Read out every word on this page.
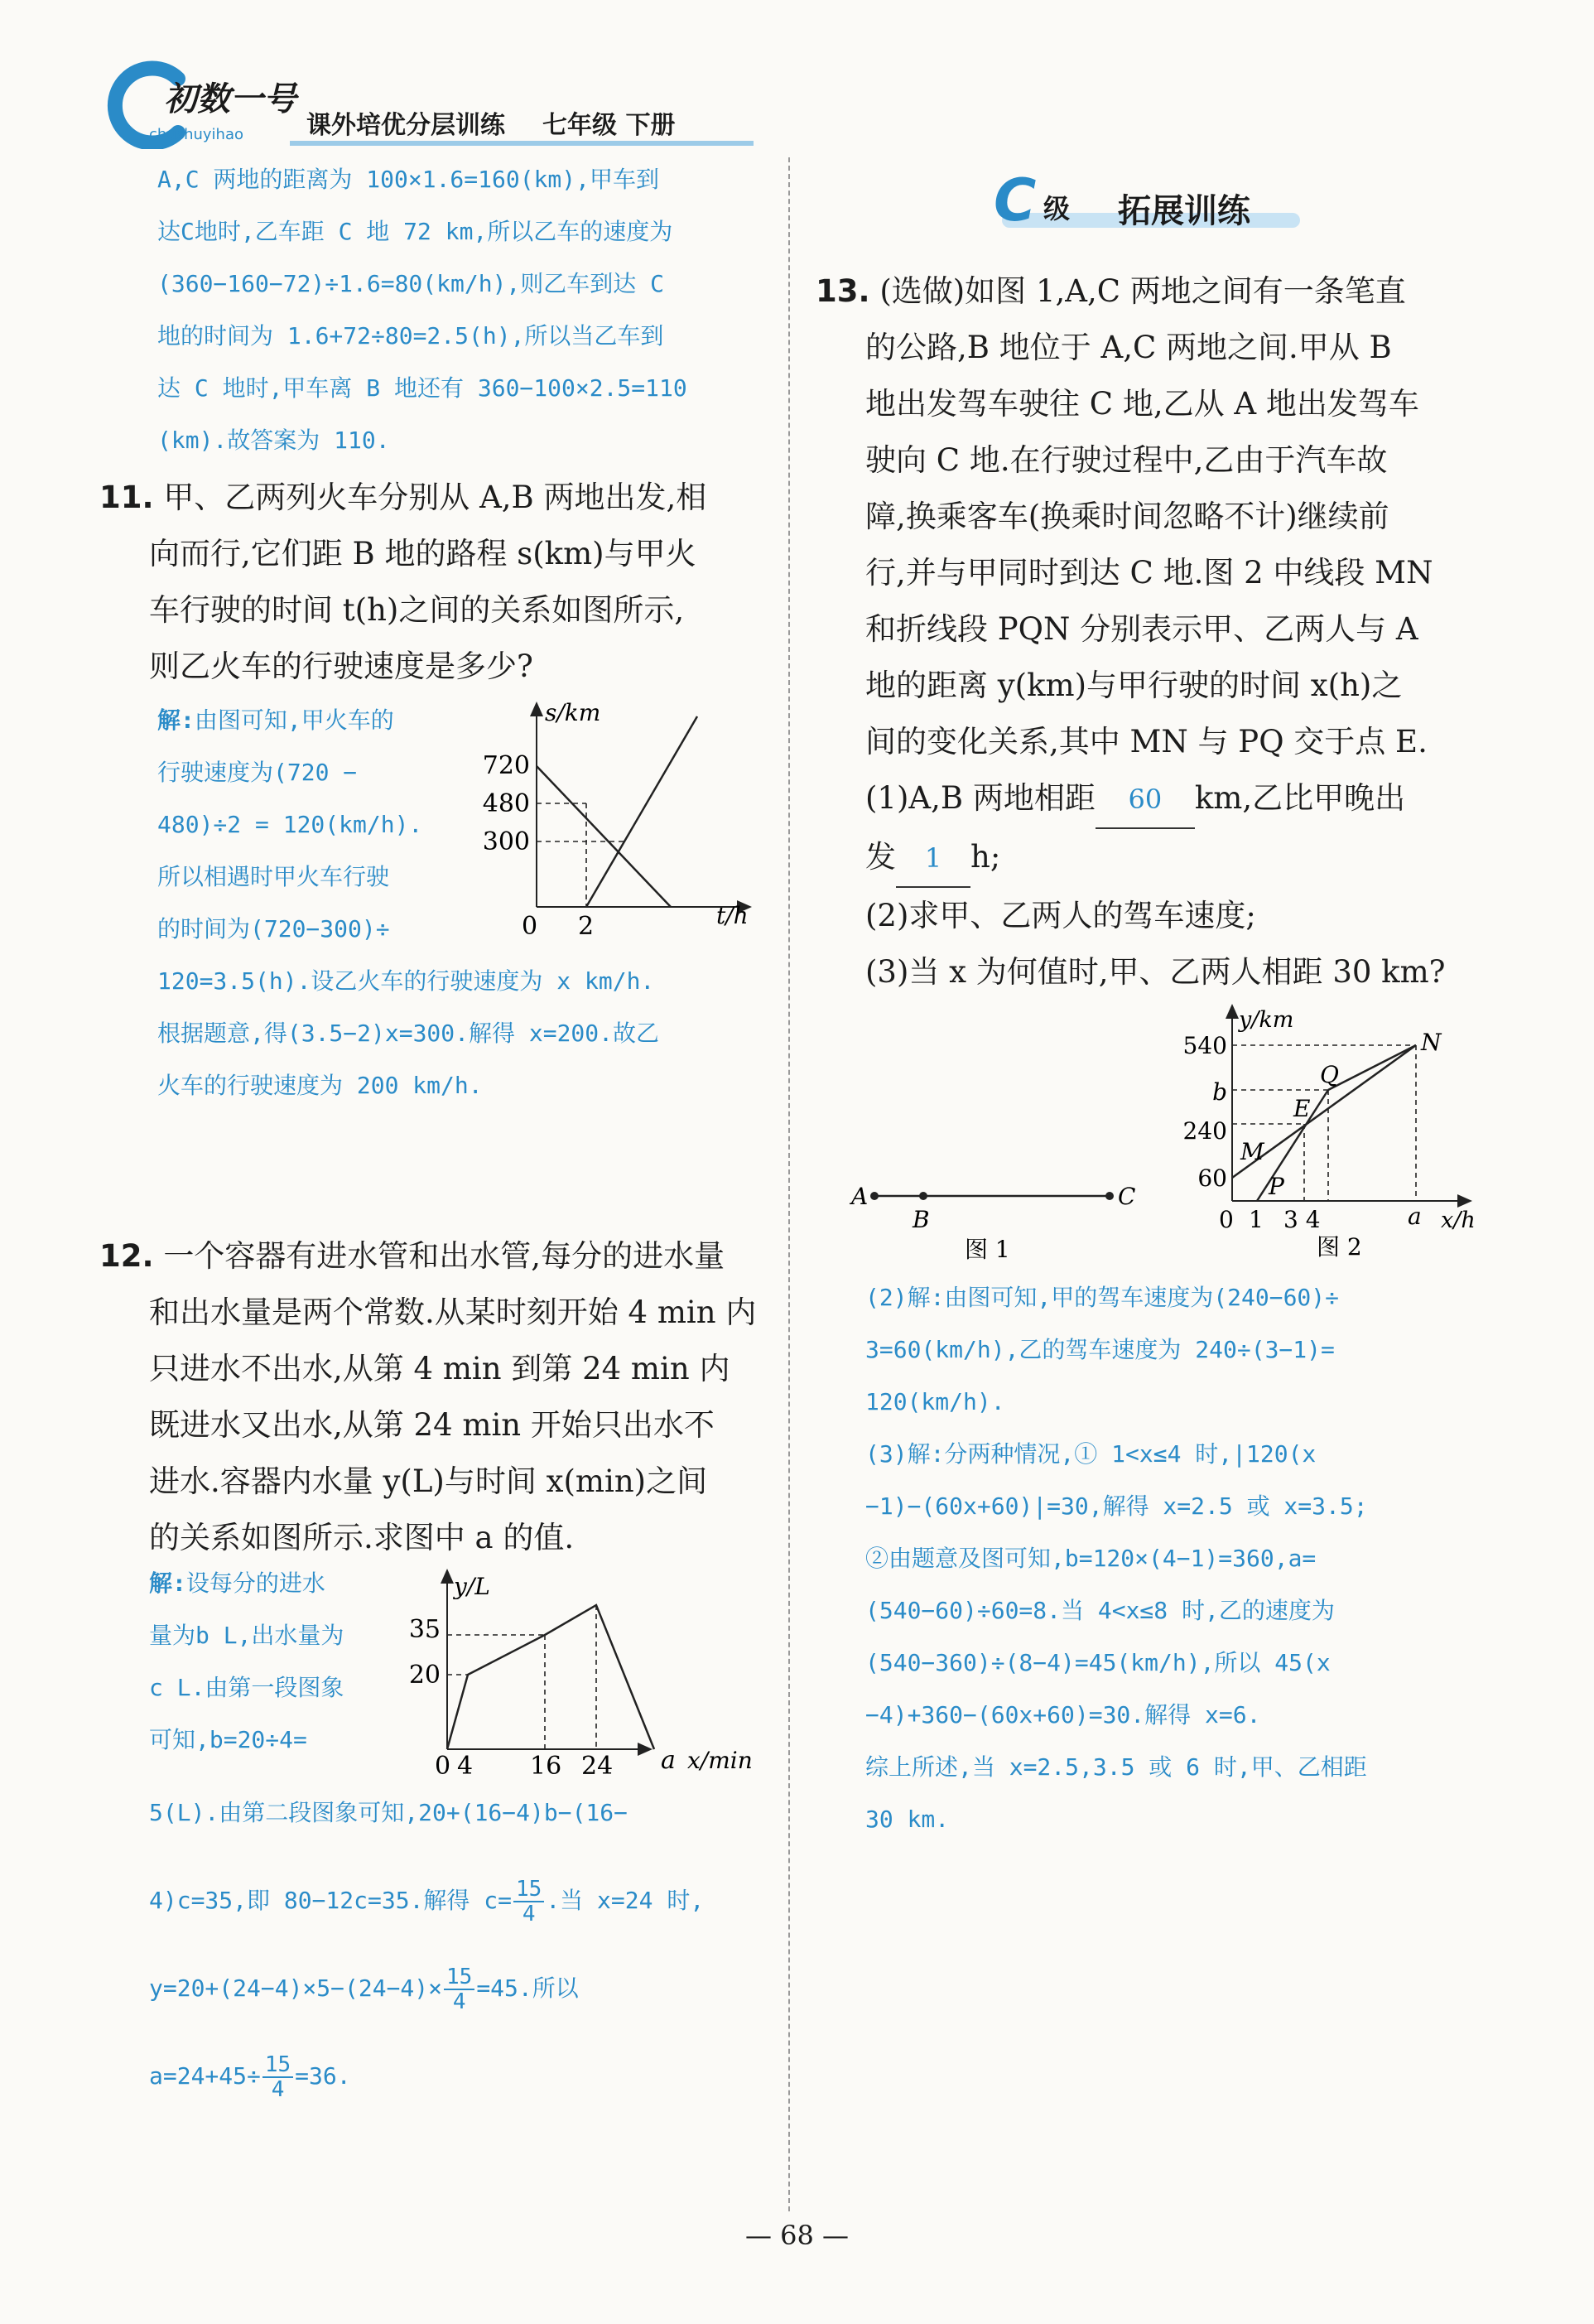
初数一号
chushuyihao	课外培优分层训练 七年级 下册
A,C 两地的距离为 100×1.6=160(km),甲车到
达C地时,乙车距 C 地 72 km,所以乙车的速度为
(360−160−72)÷1.6=80(km/h),则乙车到达 C
地的时间为 1.6+72÷80=2.5(h),所以当乙车到
达 C 地时,甲车离 B 地还有 360−100×2.5=110
(km).故答案为 110.
11. 甲、乙两列火车分别从 A,B 两地出发,相
向而行,它们距 B 地的路程 s(km)与甲火
车行驶的时间 t(h)之间的关系如图所示,
则乙火车的行驶速度是多少?
解:由图可知,甲火车的
行驶速度为(720 −
480)÷2 = 120(km/h).
所以相遇时甲火车行驶
的时间为(720−300)÷
120=3.5(h).设乙火车的行驶速度为 x km/h.
根据题意,得(3.5−2)x=300.解得 x=200.故乙
火车的行驶速度为 200 km/h.
s/km
t/h
720
480
300
0 2
12. 一个容器有进水管和出水管,每分的进水量
和出水量是两个常数.从某时刻开始 4 min 内
只进水不出水,从第 4 min 到第 24 min 内
既进水又出水,从第 24 min 开始只出水不
进水.容器内水量 y(L)与时间 x(min)之间
的关系如图所示.求图中 a 的值.
解:设每分的进水
量为b L,出水量为
c L.由第一段图象
可知,b=20÷4=
5(L).由第二段图象可知,20+(16−4)b−(16−
4)c=35,即 80−12c=35.解得 $c= \frac{15}{4}$ .当 x=24 时,
$y=20+(24-4)\times 5-(24-4)\times \frac{15}{4} =45$.所以
$a=24+45\div \frac{15}{4} =36$.
y/L
x/min
35
20
0 4 16 24 a
C 级 拓展训练
13. (选做)如图 1,A,C 两地之间有一条笔直
的公路,B 地位于 A,C 两地之间.甲从 B
地出发驾车驶往 C 地,乙从 A 地出发驾车
驶向 C 地.在行驶过程中,乙由于汽车故
障,换乘客车(换乘时间忽略不计)继续前
行,并与甲同时到达 C 地.图 2 中线段 MN
和折线段 PQN 分别表示甲、乙两人与 A
地的距离 y(km)与甲行驶的时间 x(h)之
间的变化关系,其中 MN 与 PQ 交于点 E.
(1)A,B 两地相距 60 km,乙比甲晚出
发 1 h;
(2)求甲、乙两人的驾车速度;
(3)当 x 为何值时,甲、乙两人相距 30 km?
A
B
C
图 1
y/km
x/h
540
b
240
60
0 1 3 4	a
N
Q
E
M
P
图 2
(2)解:由图可知,甲的驾车速度为(240−60)÷
3=60(km/h),乙的驾车速度为 240÷(3−1)=
120(km/h).
(3)解:分两种情况,① 1<x≤4 时,|120(x
−1)−(60x+60)|=30,解得 x=2.5 或 x=3.5;
②由题意及图可知,b=120×(4−1)=360,a=
(540−60)÷60=8.当 4<x≤8 时,乙的速度为
(540−360)÷(8−4)=45(km/h),所以 45(x
−4)+360−(60x+60)=30.解得 x=6.
综上所述,当 x=2.5,3.5 或 6 时,甲、乙相距
30 km.
— 68 —
